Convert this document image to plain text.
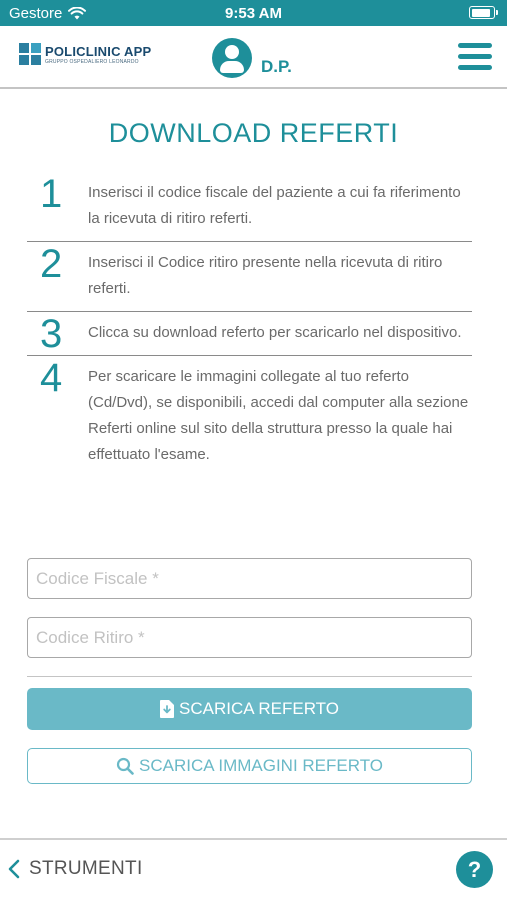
Gestore	9:53 AM
POLICLINIC APP
GRUPPO OSPEDALIERO LEONARDO	D.P.
DOWNLOAD REFERTI
1 Inserisci il codice fiscale del paziente a cui fa riferimento la ricevuta di ritiro referti.

2 Inserisci il Codice ritiro presente nella ricevuta di ritiro referti.

3 Clicca su download referto per scaricarlo nel dispositivo.

4 Per scaricare le immagini collegate al tuo referto (Cd/Dvd), se disponibili, accedi dal computer alla sezione Referti online sul sito della struttura presso la quale hai effettuato l'esame.

Codice Fiscale *
Codice Ritiro *
SCARICA REFERTO
SCARICA IMMAGINI REFERTO
STRUMENTI	?
